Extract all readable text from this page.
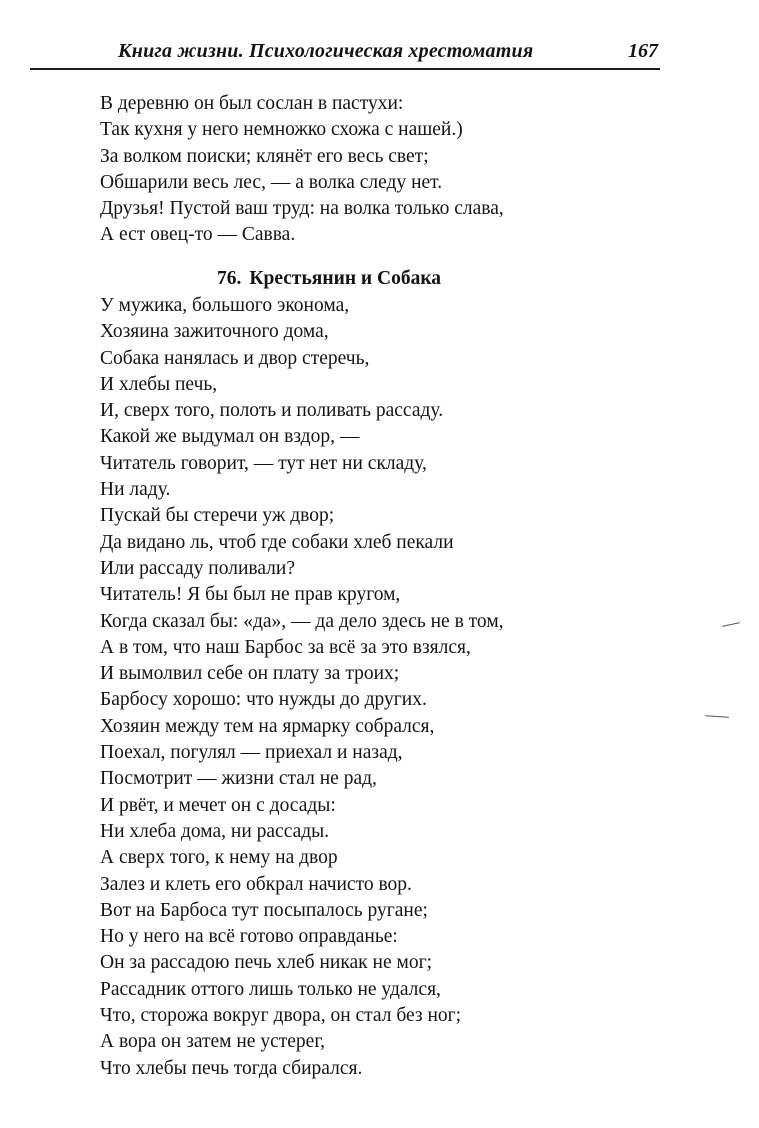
Книга жизни. Психологическая хрестоматия	167
В деревню он был сослан в пастухи:
Так кухня у него немножко схожа с нашей.)
За волком поиски; клянёт его весь свет;
Обшарили весь лес, — а волка следу нет.
Друзья! Пустой ваш труд: на волка только слава,
А ест овец-то — Савва.
76. Крестьянин и Собака
У мужика, большого эконома,
Хозяина зажиточного дома,
Собака нанялась и двор стеречь,
И хлебы печь,
И, сверх того, полоть и поливать рассаду.
Какой же выдумал он вздор, —
Читатель говорит, — тут нет ни складу,
Ни ладу.
Пускай бы стеречи уж двор;
Да видано ль, чтоб где собаки хлеб пекали
Или рассаду поливали?
Читатель! Я бы был не прав кругом,
Когда сказал бы: «да», — да дело здесь не в том,
А в том, что наш Барбос за всё за это взялся,
И вымолвил себе он плату за троих;
Барбосу хорошо: что нужды до других.
Хозяин между тем на ярмарку собрался,
Поехал, погулял — приехал и назад,
Посмотрит — жизни стал не рад,
И рвёт, и мечет он с досады:
Ни хлеба дома, ни рассады.
А сверх того, к нему на двор
Залез и клеть его обкрал начисто вор.
Вот на Барбоса тут посыпалось ругане;
Но у него на всё готово оправданье:
Он за рассадою печь хлеб никак не мог;
Рассадник оттого лишь только не удался,
Что, сторожа вокруг двора, он стал без ног;
А вора он затем не устерег,
Что хлебы печь тогда сбирался.
